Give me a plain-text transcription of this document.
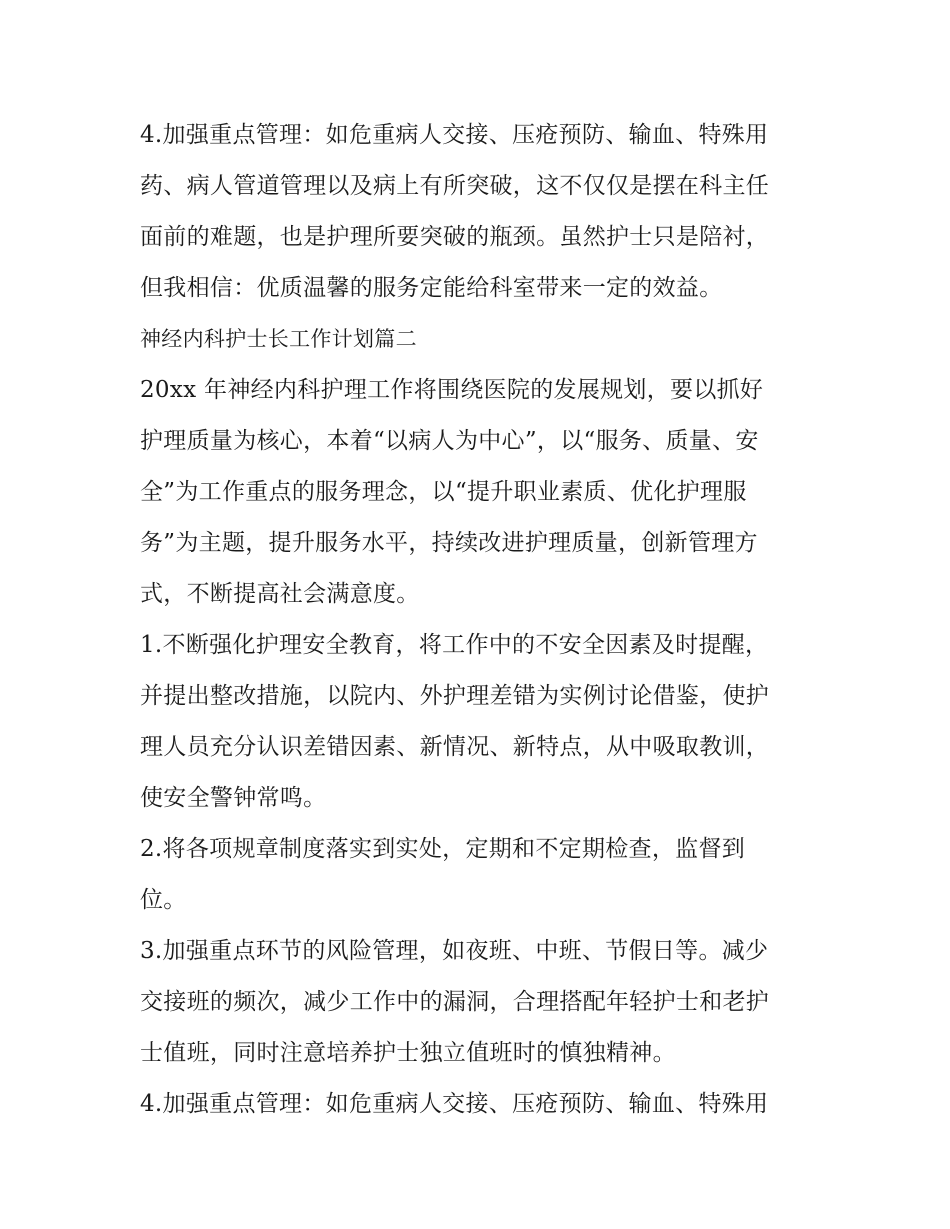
4.加强重点管理：如危重病人交接、压疮预防、输血、特殊用
药、病人管道管理以及病上有所突破，这不仅仅是摆在科主任
面前的难题，也是护理所要突破的瓶颈。虽然护士只是陪衬，
但我相信：优质温馨的服务定能给科室带来一定的效益。
神经内科护士长工作计划篇二
20xx 年神经内科护理工作将围绕医院的发展规划，要以抓好
护理质量为核心，本着“以病人为中心”，以“服务、质量、安
全”为工作重点的服务理念，以“提升职业素质、优化护理服
务”为主题，提升服务水平，持续改进护理质量，创新管理方
式，不断提高社会满意度。
1.不断强化护理安全教育，将工作中的不安全因素及时提醒，
并提出整改措施，以院内、外护理差错为实例讨论借鉴，使护
理人员充分认识差错因素、新情况、新特点，从中吸取教训，
使安全警钟常鸣。
2.将各项规章制度落实到实处，定期和不定期检查，监督到
位。
3.加强重点环节的风险管理，如夜班、中班、节假日等。减少
交接班的频次，减少工作中的漏洞，合理搭配年轻护士和老护
士值班，同时注意培养护士独立值班时的慎独精神。
4.加强重点管理：如危重病人交接、压疮预防、输血、特殊用
